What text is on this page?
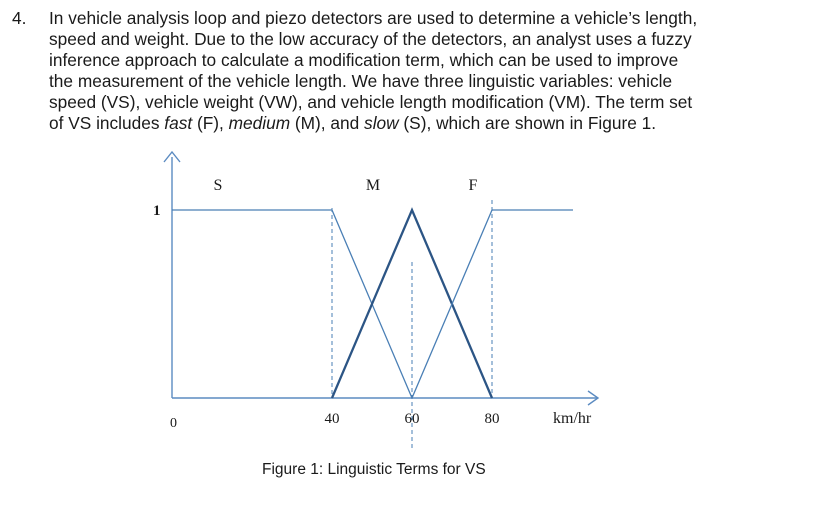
4. In vehicle analysis loop and piezo detectors are used to determine a vehicle’s length,
speed and weight. Due to the low accuracy of the detectors, an analyst uses a fuzzy
inference approach to calculate a modification term, which can be used to improve
the measurement of the vehicle length. We have three linguistic variables: vehicle
speed (VS), vehicle weight (VW), and vehicle length modification (VM). The term set
of VS includes fast (F), medium (M), and slow (S), which are shown in Figure 1.
1
0	40	60	80	km/hr
S	M	F
Figure 1: Linguistic Terms for VS
